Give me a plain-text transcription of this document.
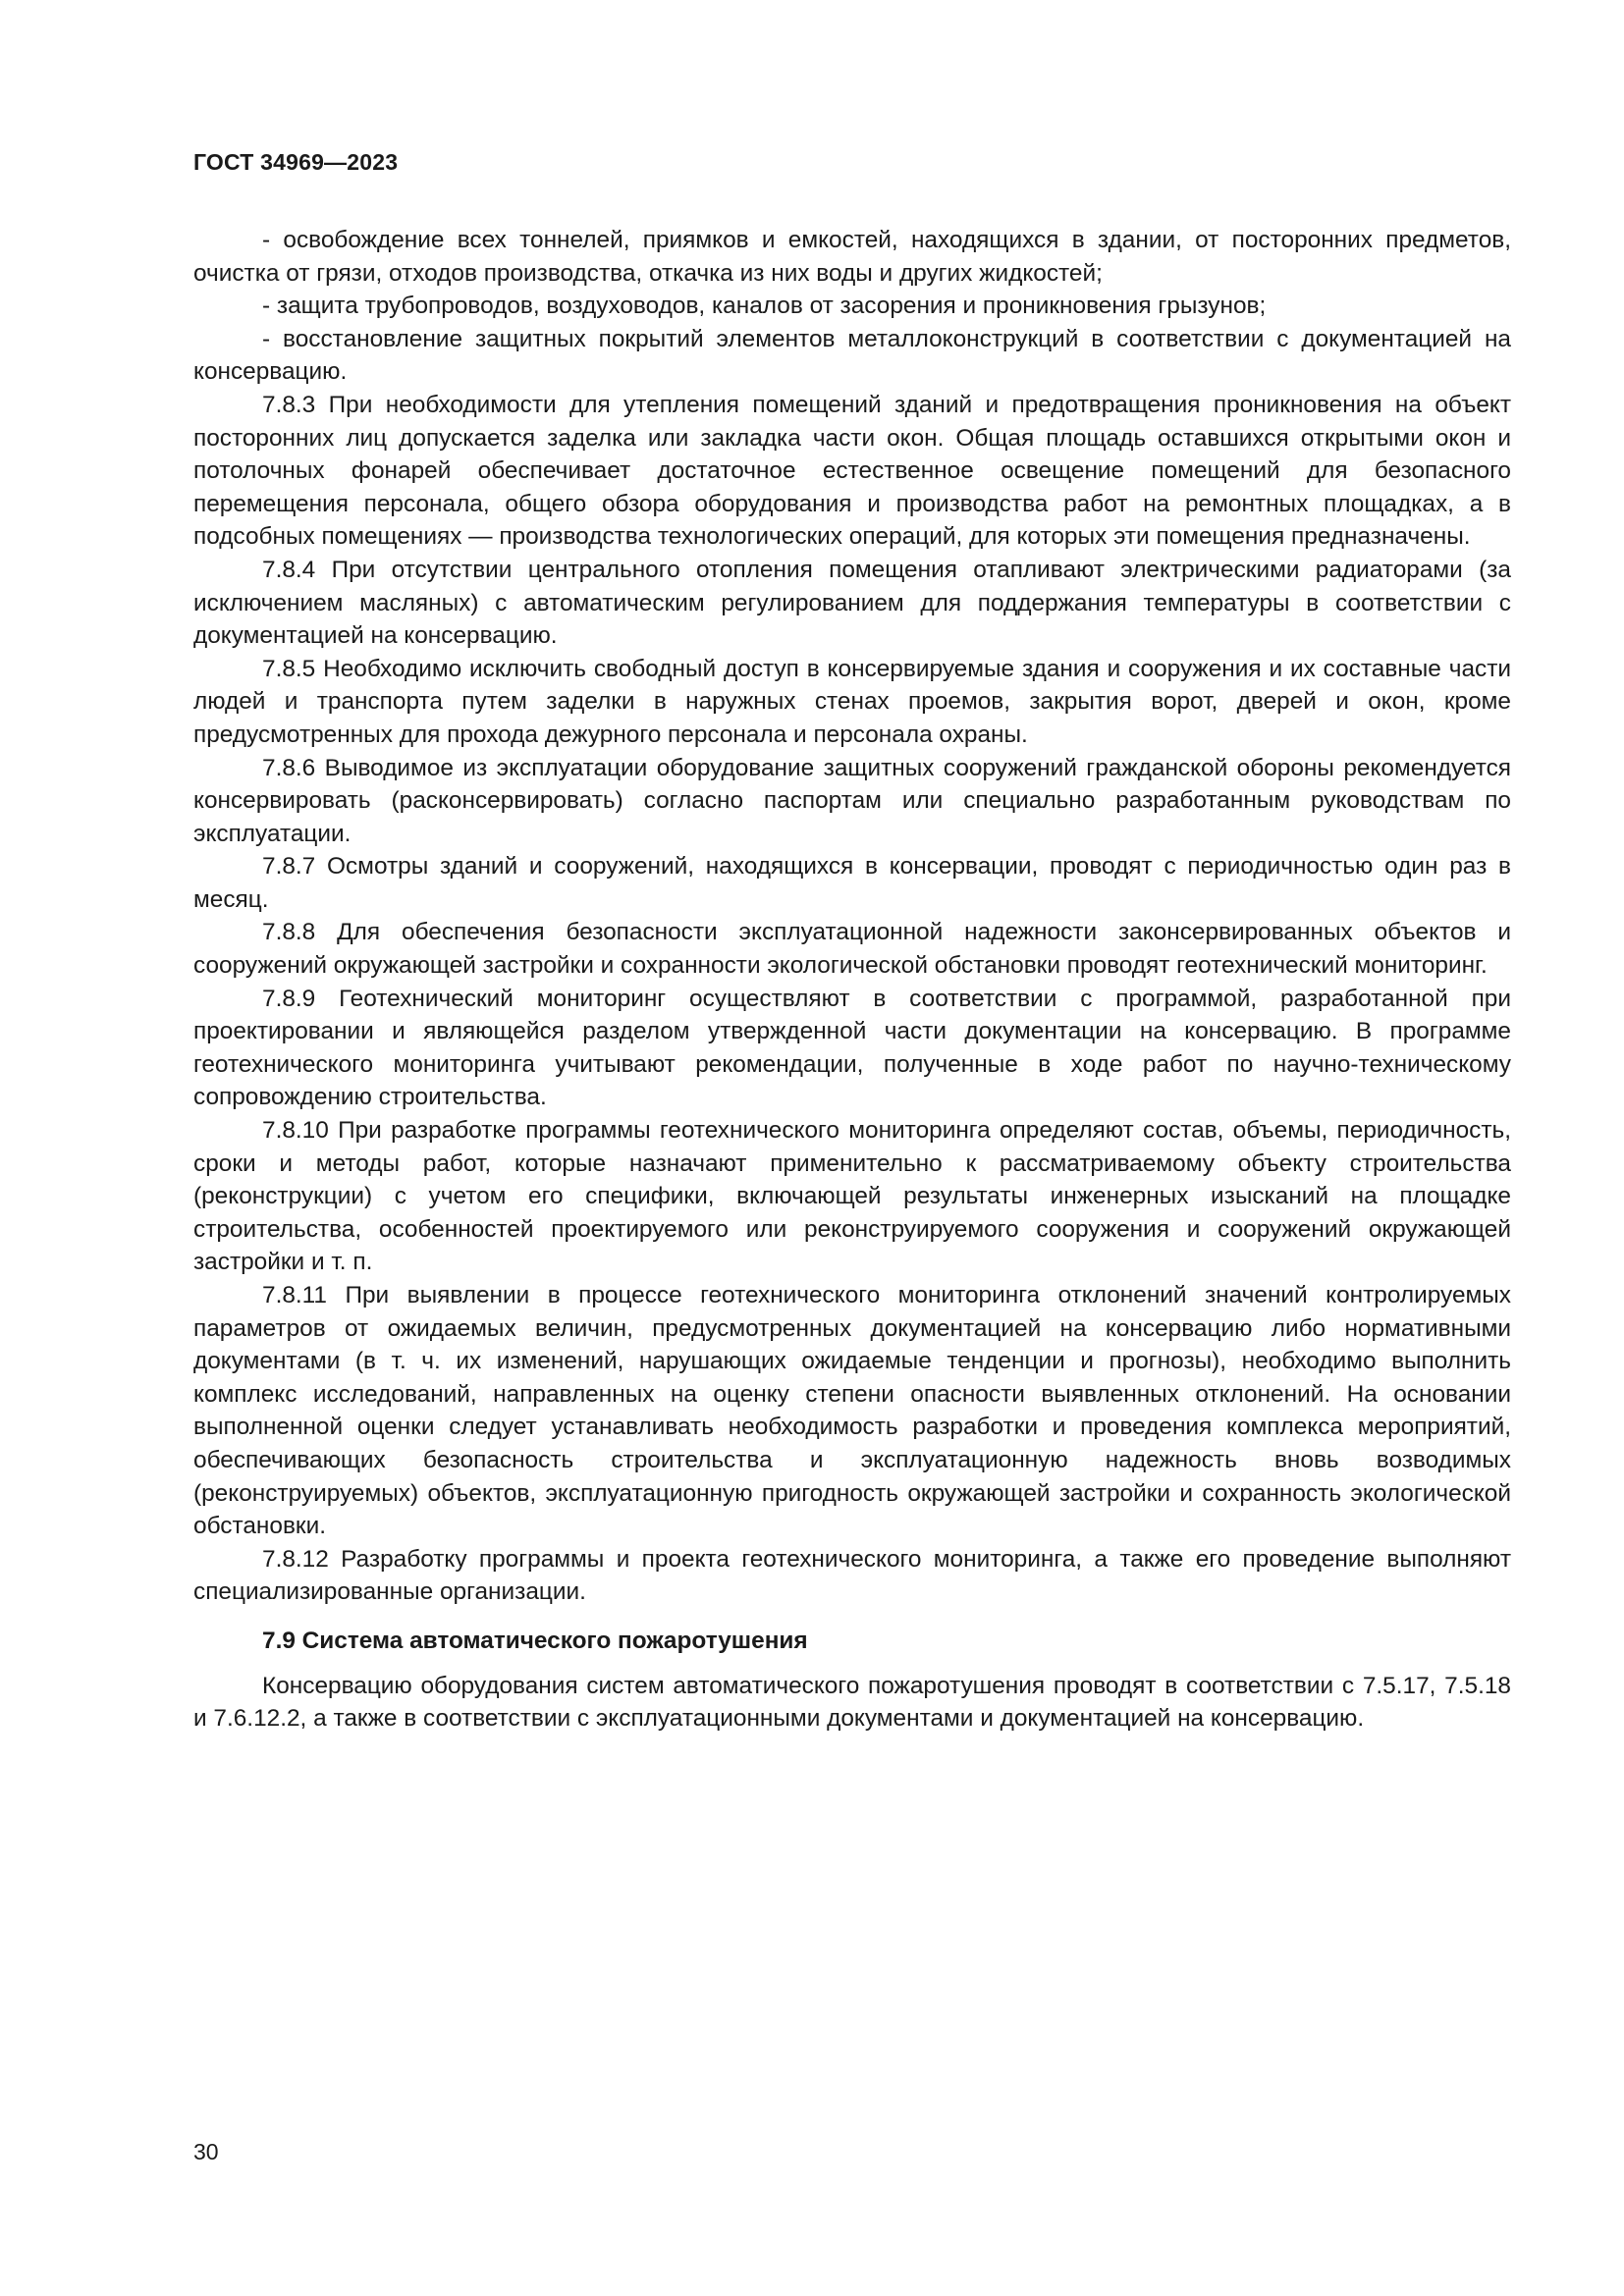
ГОСТ 34969—2023

- освобождение всех тоннелей, приямков и емкостей, находящихся в здании, от посторонних предметов, очистка от грязи, отходов производства, откачка из них воды и других жидкостей;

- защита трубопроводов, воздуховодов, каналов от засорения и проникновения грызунов;

- восстановление защитных покрытий элементов металлоконструкций в соответствии с документацией на консервацию.

7.8.3 При необходимости для утепления помещений зданий и предотвращения проникновения на объект посторонних лиц допускается заделка или закладка части окон. Общая площадь оставшихся открытыми окон и потолочных фонарей обеспечивает достаточное естественное освещение помещений для безопасного перемещения персонала, общего обзора оборудования и производства работ на ремонтных площадках, а в подсобных помещениях — производства технологических операций, для которых эти помещения предназначены.

7.8.4 При отсутствии центрального отопления помещения отапливают электрическими радиаторами (за исключением масляных) с автоматическим регулированием для поддержания температуры в соответствии с документацией на консервацию.

7.8.5 Необходимо исключить свободный доступ в консервируемые здания и сооружения и их составные части людей и транспорта путем заделки в наружных стенах проемов, закрытия ворот, дверей и окон, кроме предусмотренных для прохода дежурного персонала и персонала охраны.

7.8.6 Выводимое из эксплуатации оборудование защитных сооружений гражданской обороны рекомендуется консервировать (расконсервировать) согласно паспортам или специально разработанным руководствам по эксплуатации.

7.8.7 Осмотры зданий и сооружений, находящихся в консервации, проводят с периодичностью один раз в месяц.

7.8.8 Для обеспечения безопасности эксплуатационной надежности законсервированных объектов и сооружений окружающей застройки и сохранности экологической обстановки проводят геотехнический мониторинг.

7.8.9 Геотехнический мониторинг осуществляют в соответствии с программой, разработанной при проектировании и являющейся разделом утвержденной части документации на консервацию. В программе геотехнического мониторинга учитывают рекомендации, полученные в ходе работ по научно-техническому сопровождению строительства.

7.8.10 При разработке программы геотехнического мониторинга определяют состав, объемы, периодичность, сроки и методы работ, которые назначают применительно к рассматриваемому объекту строительства (реконструкции) с учетом его специфики, включающей результаты инженерных изысканий на площадке строительства, особенностей проектируемого или реконструируемого сооружения и сооружений окружающей застройки и т. п.

7.8.11 При выявлении в процессе геотехнического мониторинга отклонений значений контролируемых параметров от ожидаемых величин, предусмотренных документацией на консервацию либо нормативными документами (в т. ч. их изменений, нарушающих ожидаемые тенденции и прогнозы), необходимо выполнить комплекс исследований, направленных на оценку степени опасности выявленных отклонений. На основании выполненной оценки следует устанавливать необходимость разработки и проведения комплекса мероприятий, обеспечивающих безопасность строительства и эксплуатационную надежность вновь возводимых (реконструируемых) объектов, эксплуатационную пригодность окружающей застройки и сохранность экологической обстановки.

7.8.12 Разработку программы и проекта геотехнического мониторинга, а также его проведение выполняют специализированные организации.

7.9 Система автоматического пожаротушения

Консервацию оборудования систем автоматического пожаротушения проводят в соответствии с 7.5.17, 7.5.18 и 7.6.12.2, а также в соответствии с эксплуатационными документами и документацией на консервацию.

30
